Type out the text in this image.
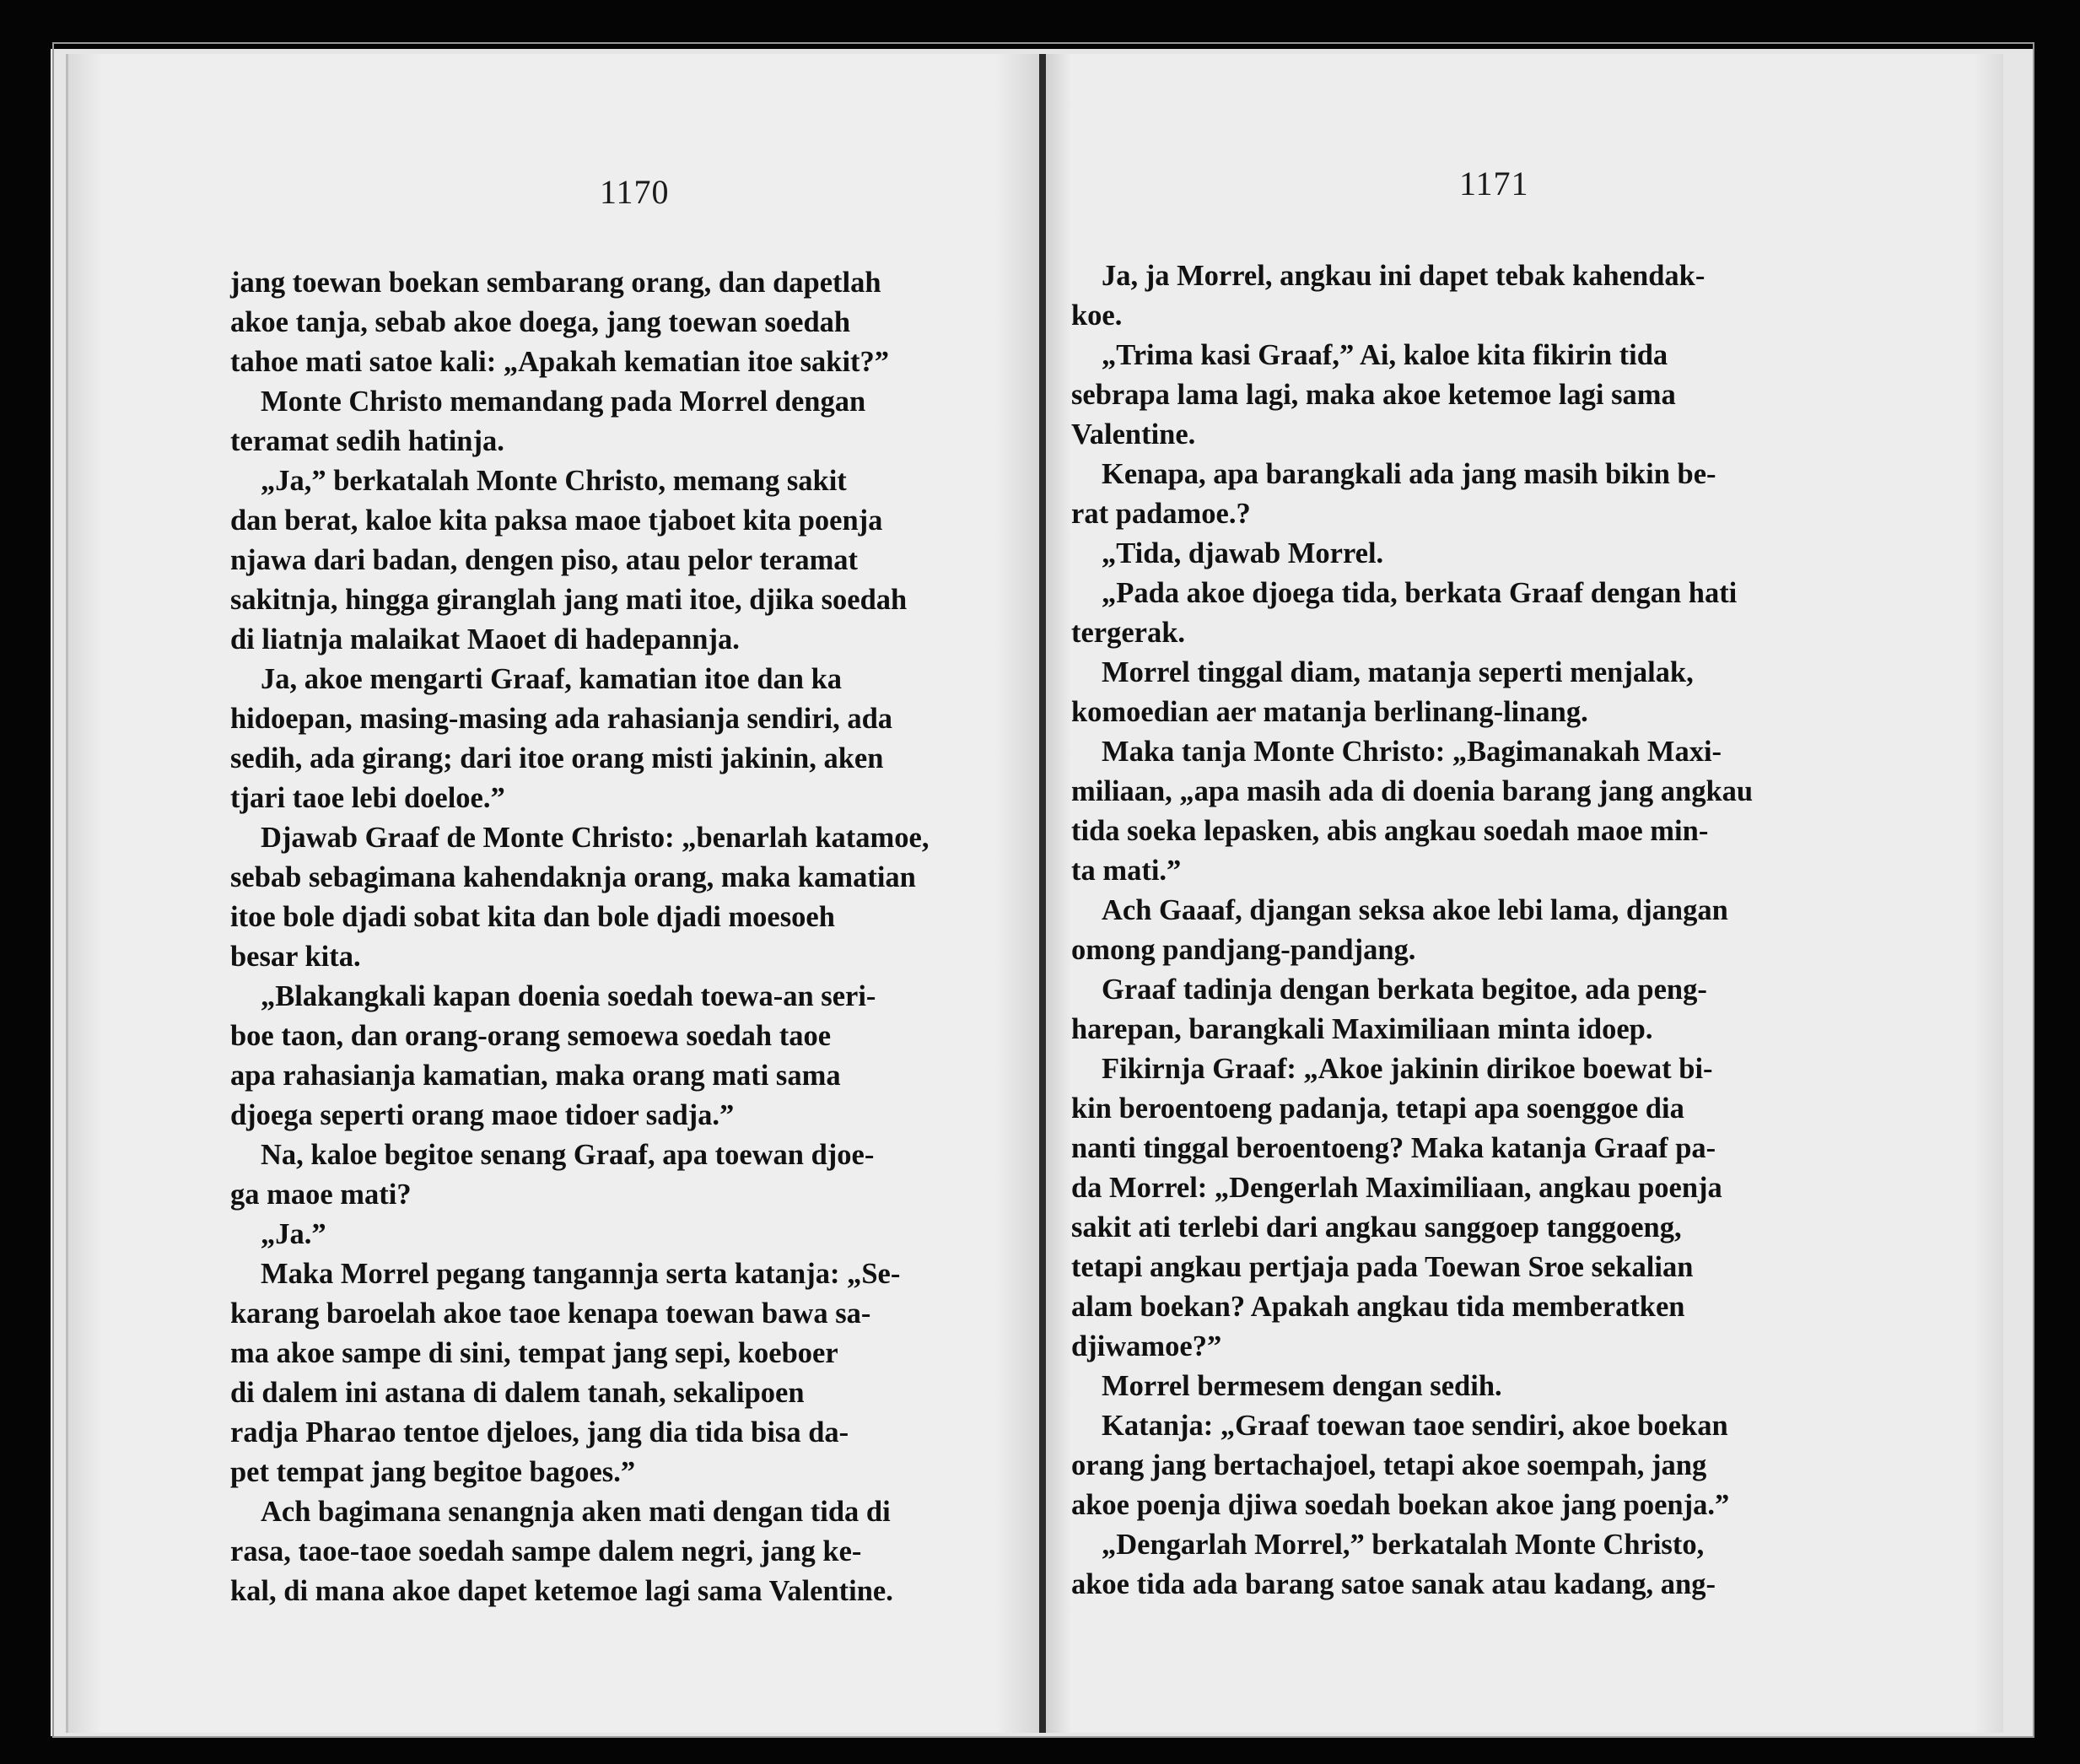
1170
jang toewan boekan sembarang orang, dan dapetlah
akoe tanja, sebab akoe doega, jang toewan soedah
tahoe mati satoe kali: „Apakah kematian itoe sakit?”
Monte Christo memandang pada Morrel dengan
teramat sedih hatinja.
„Ja,” berkatalah Monte Christo, memang sakit
dan berat, kaloe kita paksa maoe tjaboet kita poenja
njawa dari badan, dengen piso, atau pelor teramat
sakitnja, hingga giranglah jang mati itoe, djika soedah
di liatnja malaikat Maoet di hadepannja.
Ja, akoe mengarti Graaf, kamatian itoe dan ka
hidoepan, masing-masing ada rahasianja sendiri, ada
sedih, ada girang; dari itoe orang misti jakinin, aken
tjari taoe lebi doeloe.”
Djawab Graaf de Monte Christo: „benarlah katamoe,
sebab sebagimana kahendaknja orang, maka kamatian
itoe bole djadi sobat kita dan bole djadi moesoeh
besar kita.
„Blakangkali kapan doenia soedah toewa-an seri-
boe taon, dan orang-orang semoewa soedah taoe
apa rahasianja kamatian, maka orang mati sama
djoega seperti orang maoe tidoer sadja.”
Na, kaloe begitoe senang Graaf, apa toewan djoe-
ga maoe mati?
„Ja.”
Maka Morrel pegang tangannja serta katanja: „Se-
karang baroelah akoe taoe kenapa toewan bawa sa-
ma akoe sampe di sini, tempat jang sepi, koeboer
di dalem ini astana di dalem tanah, sekalipoen
radja Pharao tentoe djeloes, jang dia tida bisa da-
pet tempat jang begitoe bagoes.”
Ach bagimana senangnja aken mati dengan tida di
rasa, taoe-taoe soedah sampe dalem negri, jang ke-
kal, di mana akoe dapet ketemoe lagi sama Valentine.
1171
Ja, ja Morrel, angkau ini dapet tebak kahendak-
koe.
„Trima kasi Graaf,” Ai, kaloe kita fikirin tida
sebrapa lama lagi, maka akoe ketemoe lagi sama
Valentine.
Kenapa, apa barangkali ada jang masih bikin be-
rat padamoe.?
„Tida, djawab Morrel.
„Pada akoe djoega tida, berkata Graaf dengan hati
tergerak.
Morrel tinggal diam, matanja seperti menjalak,
komoedian aer matanja berlinang-linang.
Maka tanja Monte Christo: „Bagimanakah Maxi-
miliaan, „apa masih ada di doenia barang jang angkau
tida soeka lepasken, abis angkau soedah maoe min-
ta mati.”
Ach Gaaaf, djangan seksa akoe lebi lama, djangan
omong pandjang-pandjang.
Graaf tadinja dengan berkata begitoe, ada peng-
harepan, barangkali Maximiliaan minta idoep.
Fikirnja Graaf: „Akoe jakinin dirikoe boewat bi-
kin beroentoeng padanja, tetapi apa soenggoe dia
nanti tinggal beroentoeng? Maka katanja Graaf pa-
da Morrel: „Dengerlah Maximiliaan, angkau poenja
sakit ati terlebi dari angkau sanggoep tanggoeng,
tetapi angkau pertjaja pada Toewan Sroe sekalian
alam boekan? Apakah angkau tida memberatken
djiwamoe?”
Morrel bermesem dengan sedih.
Katanja: „Graaf toewan taoe sendiri, akoe boekan
orang jang bertachajoel, tetapi akoe soempah, jang
akoe poenja djiwa soedah boekan akoe jang poenja.”
„Dengarlah Morrel,” berkatalah Monte Christo,
akoe tida ada barang satoe sanak atau kadang, ang-
